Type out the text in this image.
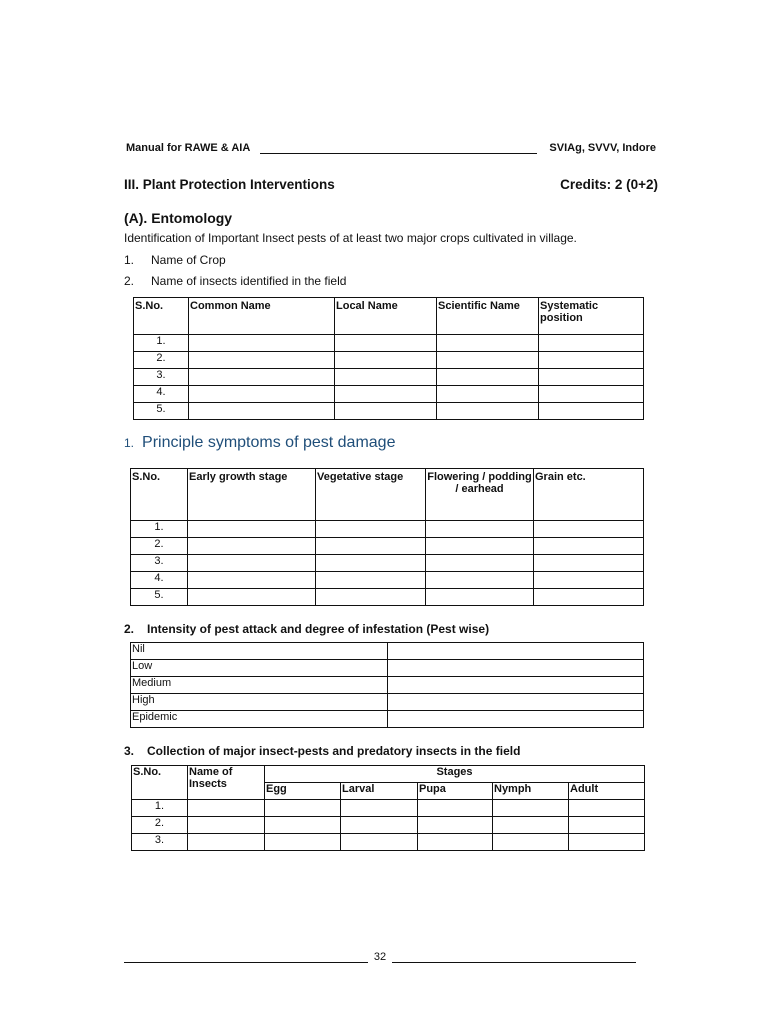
Manual for RAWE & AIA	SVIAg, SVVV, Indore
III. Plant Protection Interventions	Credits: 2 (0+2)
(A). Entomology
Identification of Important Insect pests of at least two major crops cultivated in village.
1. Name of Crop
2. Name of insects identified in the field
S.No.	Common Name	Local Name	Scientific Name	Systematic position
1.				
2.				
3.				
4.				
5.				
1. Principle symptoms of pest damage
S.No.	Early growth stage	Vegetative stage	Flowering / podding / earhead	Grain etc.
1.				
2.				
3.				
4.				
5.				
2. Intensity of pest attack and degree of infestation (Pest wise)
Nil	
Low	
Medium	
High	
Epidemic	
3. Collection of major insect-pests and predatory insects in the field
S.No.	Name of Insects	Stages				
		Egg	Larval	Pupa	Nymph	Adult
1.						
2.						
3.						
32
